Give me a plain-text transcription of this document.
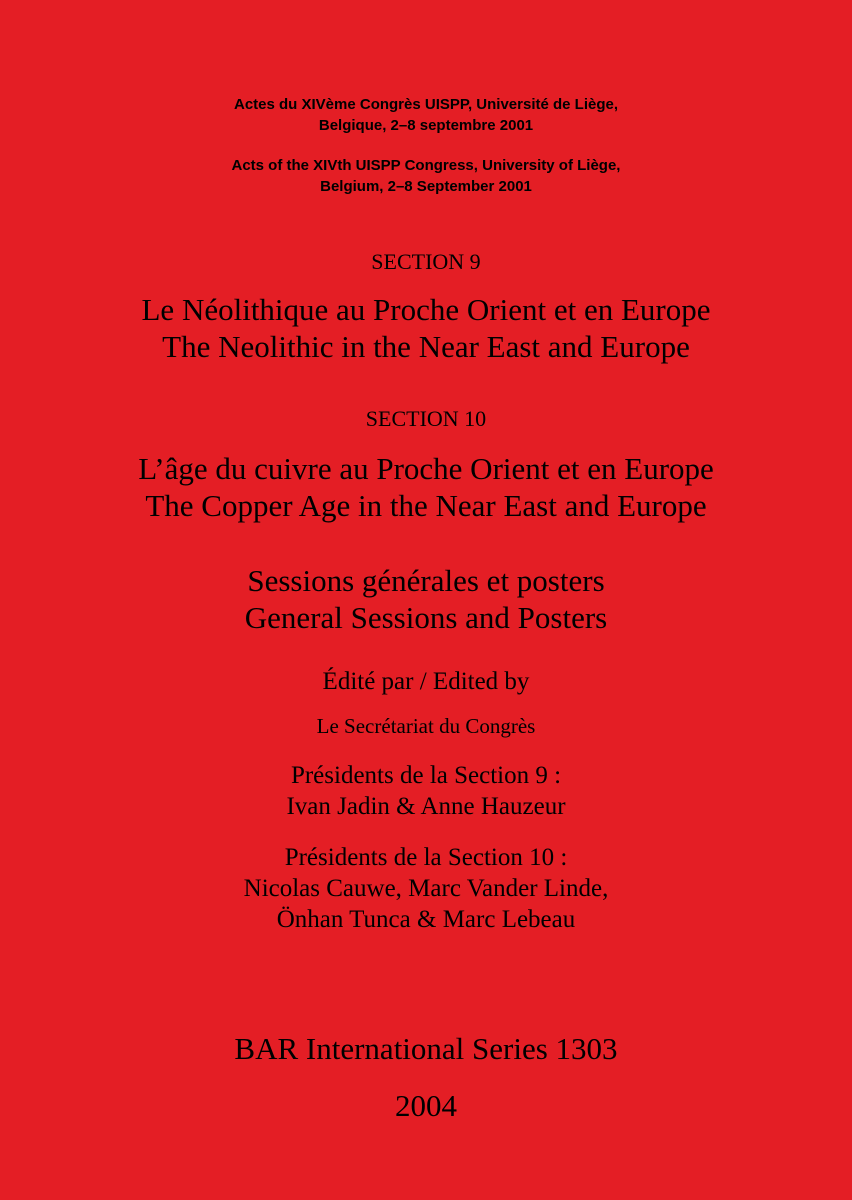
Actes du XIVème Congrès UISPP, Université de Liège,
Belgique, 2–8 septembre 2001
Acts of the XIVth UISPP Congress, University of Liège,
Belgium, 2–8 September 2001
SECTION 9
Le Néolithique au Proche Orient et en Europe
The Neolithic in the Near East and Europe
SECTION 10
L’âge du cuivre au Proche Orient et en Europe
The Copper Age in the Near East and Europe
Sessions générales et posters
General Sessions and Posters
Édité par / Edited by
Le Secrétariat du Congrès
Présidents de la Section 9 :
Ivan Jadin & Anne Hauzeur
Présidents de la Section 10 :
Nicolas Cauwe, Marc Vander Linde,
Önhan Tunca & Marc Lebeau
BAR International Series 1303
2004
